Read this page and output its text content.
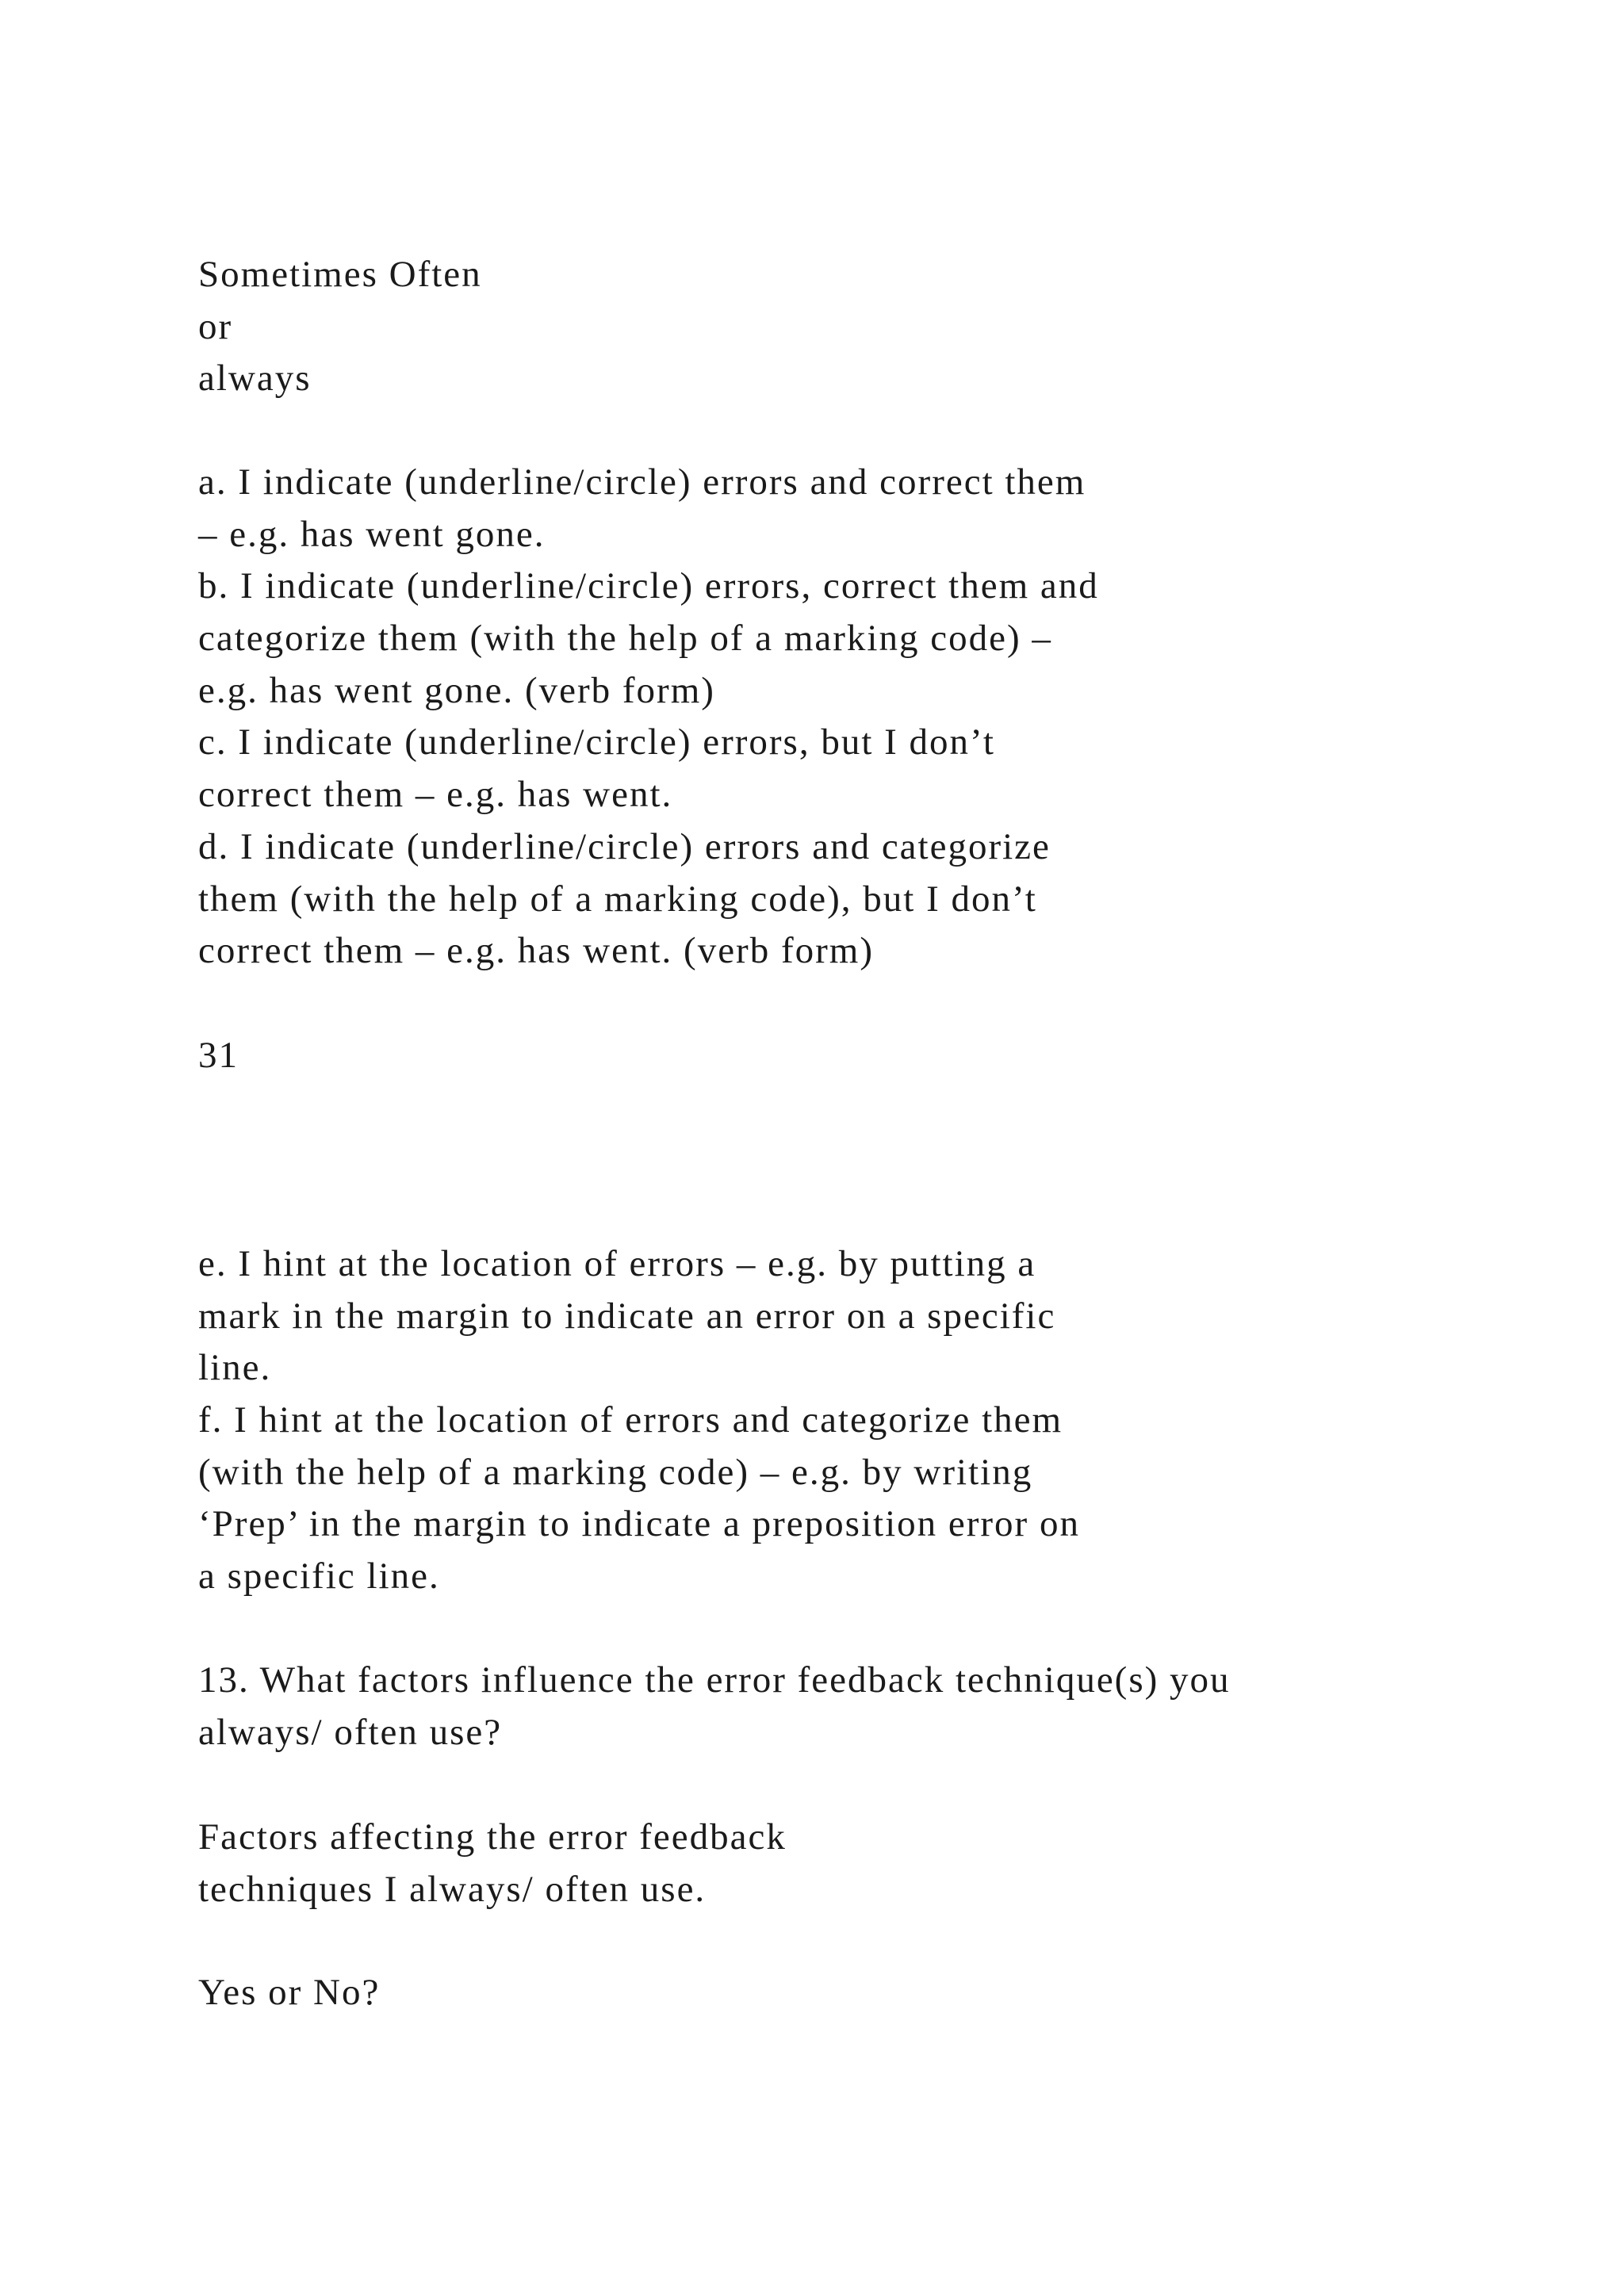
Sometimes Often
or
always
a. I indicate (underline/circle) errors and correct them
– e.g. has went gone.
b. I indicate (underline/circle) errors, correct them and
categorize them (with the help of a marking code) –
e.g. has went gone. (verb form)
c. I indicate (underline/circle) errors, but I don’t
correct them – e.g. has went.
d. I indicate (underline/circle) errors and categorize
them (with the help of a marking code), but I don’t
correct them – e.g. has went. (verb form)
31
e. I hint at the location of errors – e.g. by putting a
mark in the margin to indicate an error on a specific
line.
f. I hint at the location of errors and categorize them
(with the help of a marking code) – e.g. by writing
‘Prep’ in the margin to indicate a preposition error on
a specific line.
13. What factors influence the error feedback technique(s) you
always/ often use?
Factors affecting the error feedback
techniques I always/ often use.
Yes or No?
